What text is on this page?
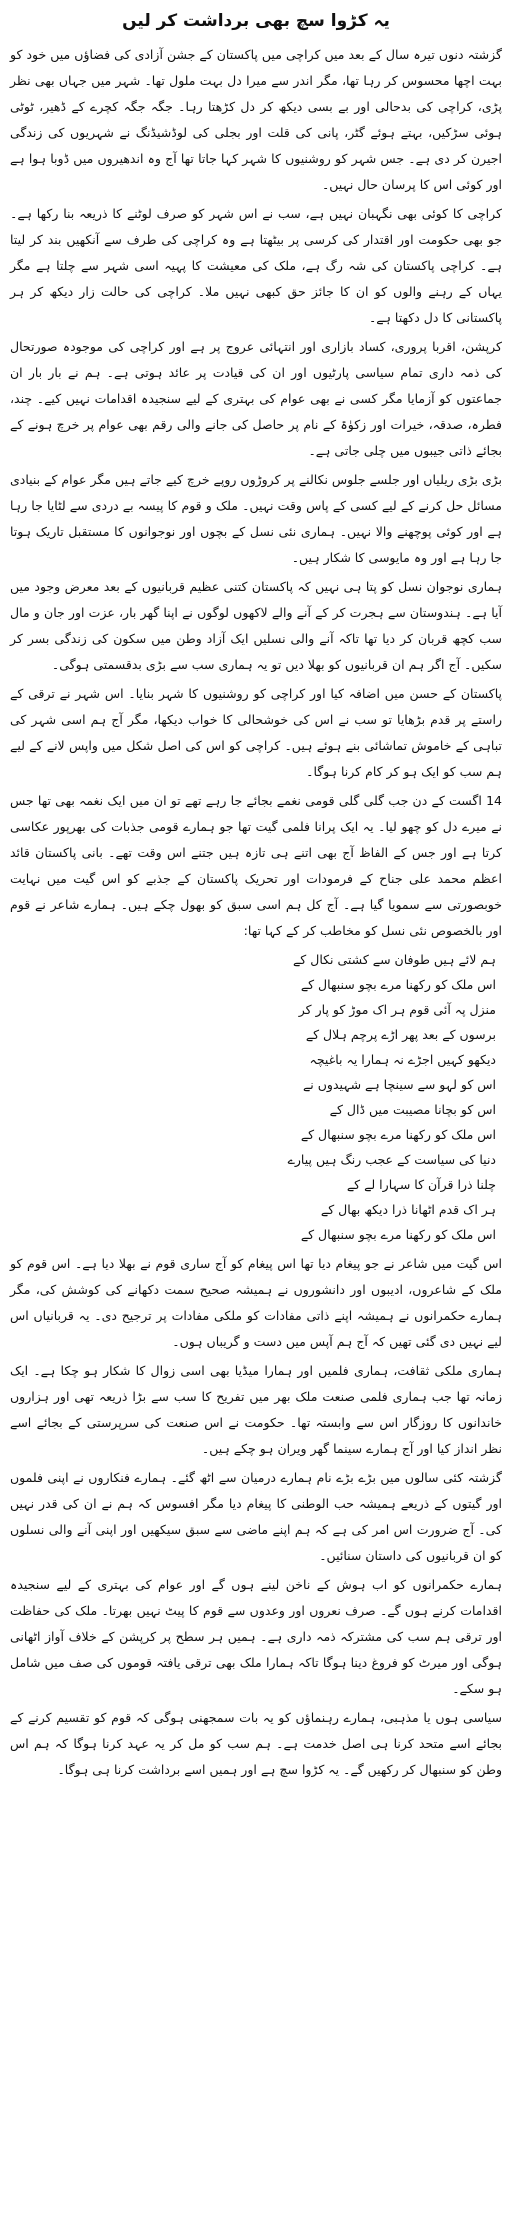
یہ کڑوا سچ بھی برداشت کر لیں

گزشتہ دنوں تیرہ سال کے بعد میں کراچی میں پاکستان کے جشن آزادی کی فضاؤں میں خود کو بہت اچھا محسوس کر رہا تھا، مگر اندر سے میرا دل بہت ملول تھا۔ شہر میں جہاں بھی نظر پڑی، کراچی کی بدحالی اور بے بسی دیکھ کر دل کڑھتا رہا۔ جگہ جگہ کچرے کے ڈھیر، ٹوٹی ہوئی سڑکیں، بہتے ہوئے گٹر، پانی کی قلت اور بجلی کی لوڈشیڈنگ نے شہریوں کی زندگی اجیرن کر دی ہے۔ جس شہر کو روشنیوں کا شہر کہا جاتا تھا آج وہ اندھیروں میں ڈوبا ہوا ہے اور کوئی اس کا پرسان حال نہیں۔

کراچی کا کوئی بھی نگہبان نہیں ہے، سب نے اس شہر کو صرف لوٹنے کا ذریعہ بنا رکھا ہے۔ جو بھی حکومت اور اقتدار کی کرسی پر بیٹھتا ہے وہ کراچی کی طرف سے آنکھیں بند کر لیتا ہے۔ کراچی پاکستان کی شہ رگ ہے، ملک کی معیشت کا پہیہ اسی شہر سے چلتا ہے مگر یہاں کے رہنے والوں کو ان کا جائز حق کبھی نہیں ملا۔ کراچی کی حالت زار دیکھ کر ہر پاکستانی کا دل دکھتا ہے۔

کرپشن، اقربا پروری، کساد بازاری اور انتہائی عروج پر ہے اور کراچی کی موجودہ صورتحال کی ذمہ داری تمام سیاسی پارٹیوں اور ان کی قیادت پر عائد ہوتی ہے۔ ہم نے بار بار ان جماعتوں کو آزمایا مگر کسی نے بھی عوام کی بہتری کے لیے سنجیدہ اقدامات نہیں کیے۔ چند، فطرہ، صدقہ، خیرات اور زکوٰۃ کے نام پر حاصل کی جانے والی رقم بھی عوام پر خرچ ہونے کے بجائے ذاتی جیبوں میں چلی جاتی ہے۔

بڑی بڑی ریلیاں اور جلسے جلوس نکالنے پر کروڑوں روپے خرچ کیے جاتے ہیں مگر عوام کے بنیادی مسائل حل کرنے کے لیے کسی کے پاس وقت نہیں۔ ملک و قوم کا پیسہ بے دردی سے لٹایا جا رہا ہے اور کوئی پوچھنے والا نہیں۔ ہماری نئی نسل کے بچوں اور نوجوانوں کا مستقبل تاریک ہوتا جا رہا ہے اور وہ مایوسی کا شکار ہیں۔

ہماری نوجوان نسل کو پتا ہی نہیں کہ پاکستان کتنی عظیم قربانیوں کے بعد معرض وجود میں آیا ہے۔ ہندوستان سے ہجرت کر کے آنے والے لاکھوں لوگوں نے اپنا گھر بار، عزت اور جان و مال سب کچھ قربان کر دیا تھا تاکہ آنے والی نسلیں ایک آزاد وطن میں سکون کی زندگی بسر کر سکیں۔ آج اگر ہم ان قربانیوں کو بھلا دیں تو یہ ہماری سب سے بڑی بدقسمتی ہوگی۔

پاکستان کے حسن میں اضافہ کیا اور کراچی کو روشنیوں کا شہر بنایا۔ اس شہر نے ترقی کے راستے پر قدم بڑھایا تو سب نے اس کی خوشحالی کا خواب دیکھا، مگر آج ہم اسی شہر کی تباہی کے خاموش تماشائی بنے ہوئے ہیں۔ کراچی کو اس کی اصل شکل میں واپس لانے کے لیے ہم سب کو ایک ہو کر کام کرنا ہوگا۔

14 اگست کے دن جب گلی گلی قومی نغمے بجائے جا رہے تھے تو ان میں ایک نغمہ بھی تھا جس نے میرے دل کو چھو لیا۔ یہ ایک پرانا فلمی گیت تھا جو ہمارے قومی جذبات کی بھرپور عکاسی کرتا ہے اور جس کے الفاظ آج بھی اتنے ہی تازہ ہیں جتنے اس وقت تھے۔ بانی پاکستان قائد اعظم محمد علی جناح کے فرمودات اور تحریک پاکستان کے جذبے کو اس گیت میں نہایت خوبصورتی سے سمویا گیا ہے۔ آج کل ہم اسی سبق کو بھول چکے ہیں۔ ہمارے شاعر نے قوم اور بالخصوص نئی نسل کو مخاطب کر کے کہا تھا:

ہم لائے ہیں طوفان سے کشتی نکال کے
اس ملک کو رکھنا مرے بچو سنبھال کے
منزل پہ آئی قوم ہر اک موڑ کو پار کر
برسوں کے بعد پھر اڑے پرچم ہلال کے
دیکھو کہیں اجڑے نہ ہمارا یہ باغیچہ
اس کو لہو سے سینچا ہے شہیدوں نے
اس کو بچانا مصیبت میں ڈال کے
اس ملک کو رکھنا مرے بچو سنبھال کے
دنیا کی سیاست کے عجب رنگ ہیں پیارے
چلنا ذرا قرآن کا سہارا لے کے
ہر اک قدم اٹھانا ذرا دیکھ بھال کے
اس ملک کو رکھنا مرے بچو سنبھال کے

اس گیت میں شاعر نے جو پیغام دیا تھا اس پیغام کو آج ساری قوم نے بھلا دیا ہے۔ اس قوم کو ملک کے شاعروں، ادیبوں اور دانشوروں نے ہمیشہ صحیح سمت دکھانے کی کوشش کی، مگر ہمارے حکمرانوں نے ہمیشہ اپنے ذاتی مفادات کو ملکی مفادات پر ترجیح دی۔ یہ قربانیاں اس لیے نہیں دی گئی تھیں کہ آج ہم آپس میں دست و گریباں ہوں۔

ہماری ملکی ثقافت، ہماری فلمیں اور ہمارا میڈیا بھی اسی زوال کا شکار ہو چکا ہے۔ ایک زمانہ تھا جب ہماری فلمی صنعت ملک بھر میں تفریح کا سب سے بڑا ذریعہ تھی اور ہزاروں خاندانوں کا روزگار اس سے وابستہ تھا۔ حکومت نے اس صنعت کی سرپرستی کے بجائے اسے نظر انداز کیا اور آج ہمارے سینما گھر ویران ہو چکے ہیں۔

گزشتہ کئی سالوں میں بڑے بڑے نام ہمارے درمیان سے اٹھ گئے۔ ہمارے فنکاروں نے اپنی فلموں اور گیتوں کے ذریعے ہمیشہ حب الوطنی کا پیغام دیا مگر افسوس کہ ہم نے ان کی قدر نہیں کی۔ آج ضرورت اس امر کی ہے کہ ہم اپنے ماضی سے سبق سیکھیں اور اپنی آنے والی نسلوں کو ان قربانیوں کی داستان سنائیں۔

ہمارے حکمرانوں کو اب ہوش کے ناخن لینے ہوں گے اور عوام کی بہتری کے لیے سنجیدہ اقدامات کرنے ہوں گے۔ صرف نعروں اور وعدوں سے قوم کا پیٹ نہیں بھرتا۔ ملک کی حفاظت اور ترقی ہم سب کی مشترکہ ذمہ داری ہے۔ ہمیں ہر سطح پر کرپشن کے خلاف آواز اٹھانی ہوگی اور میرٹ کو فروغ دینا ہوگا تاکہ ہمارا ملک بھی ترقی یافتہ قوموں کی صف میں شامل ہو سکے۔

سیاسی ہوں یا مذہبی، ہمارے رہنماؤں کو یہ بات سمجھنی ہوگی کہ قوم کو تقسیم کرنے کے بجائے اسے متحد کرنا ہی اصل خدمت ہے۔ ہم سب کو مل کر یہ عہد کرنا ہوگا کہ ہم اس وطن کو سنبھال کر رکھیں گے۔ یہ کڑوا سچ ہے اور ہمیں اسے برداشت کرنا ہی ہوگا۔
